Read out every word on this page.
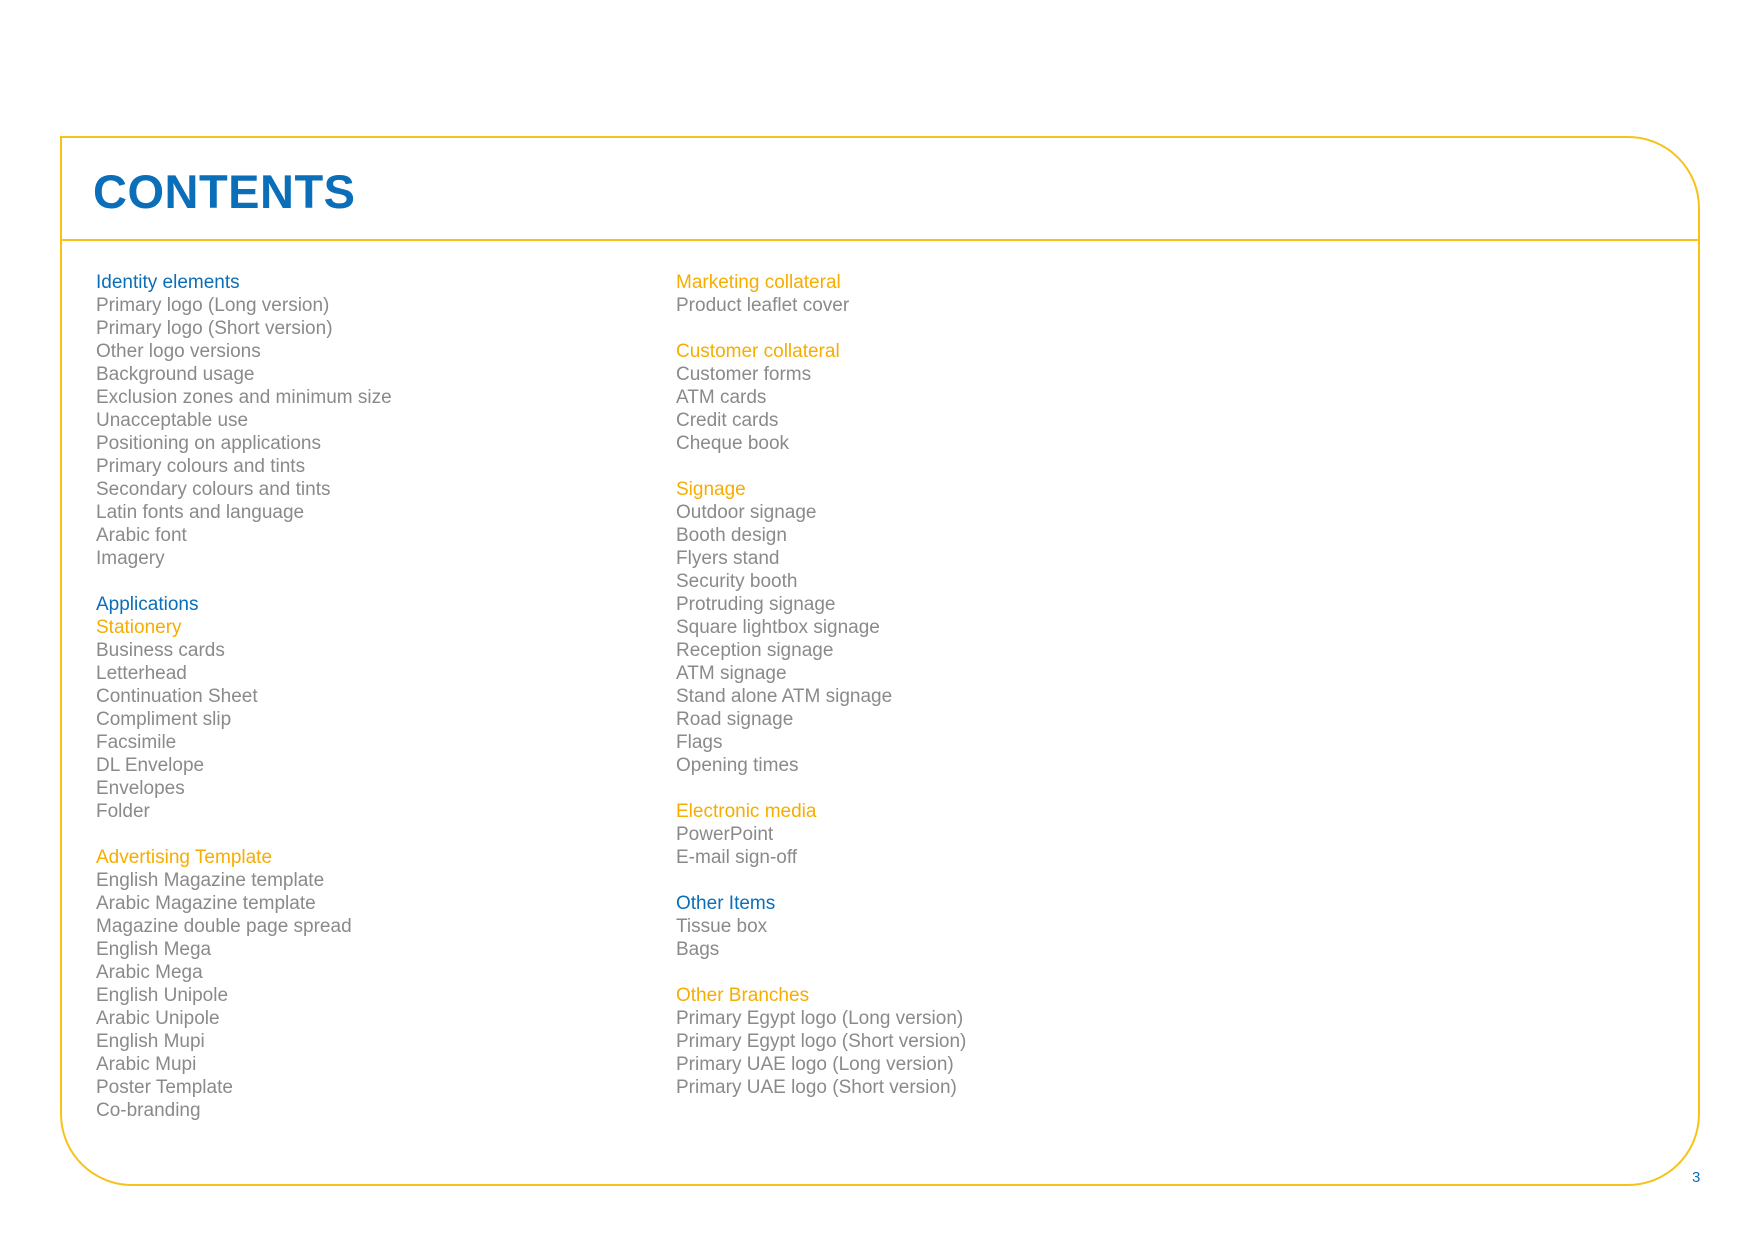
CONTENTS
Identity elements
Primary logo (Long version)
Primary logo (Short version)
Other logo versions
Background usage
Exclusion zones and minimum size
Unacceptable use
Positioning on applications
Primary colours and tints
Secondary colours and tints
Latin fonts and language
Arabic font
Imagery
Applications
Stationery
Business cards
Letterhead
Continuation Sheet
Compliment slip
Facsimile
DL Envelope
Envelopes
Folder
Advertising Template
English Magazine template
Arabic Magazine template
Magazine double page spread
English Mega
Arabic Mega
English Unipole
Arabic Unipole
English Mupi
Arabic Mupi
Poster Template
Co-branding
Marketing collateral
Product leaflet cover
Customer collateral
Customer forms
ATM cards
Credit cards
Cheque book
Signage
Outdoor signage
Booth design
Flyers stand
Security booth
Protruding signage
Square lightbox signage
Reception signage
ATM signage
Stand alone ATM signage
Road signage
Flags
Opening times
Electronic media
PowerPoint
E-mail sign-off
Other Items
Tissue box
Bags
Other Branches
Primary Egypt logo (Long version)
Primary Egypt logo (Short version)
Primary UAE logo (Long version)
Primary UAE logo (Short version)
3
